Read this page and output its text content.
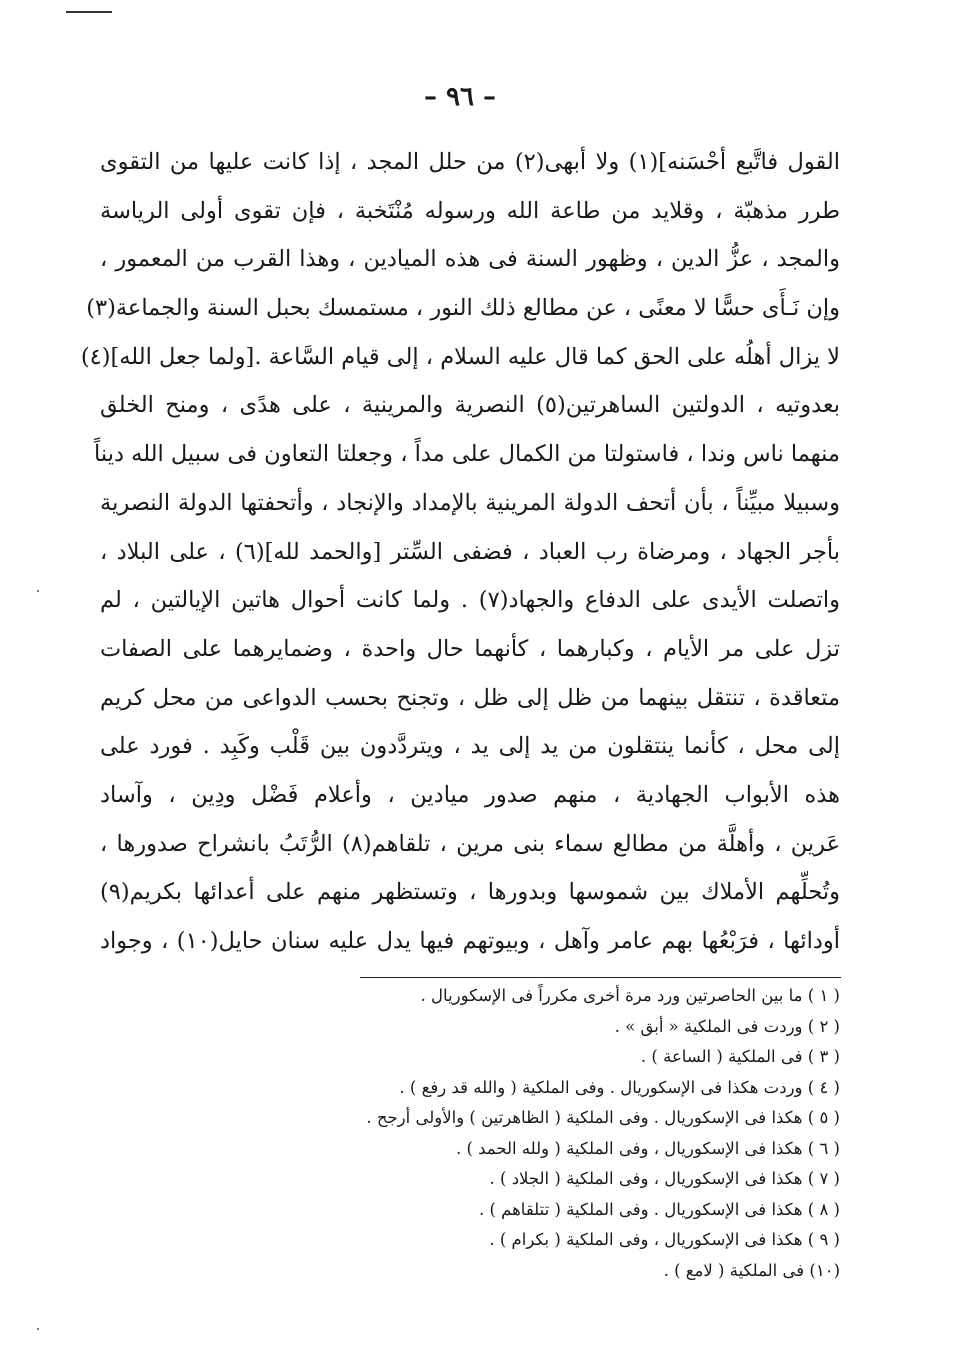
– ٩٦ –
القول فاتَّبع أحْسَنه](١) ولا أبهى(٢) من حلل المجد ، إذا كانت عليها من التقوى
طرر مذهبّة ، وقلايد من طاعة الله ورسوله مُنْتَخبة ، فإن تقوى أولى الرياسة
والمجد ، عزُّ الدين ، وظهور السنة فى هذه الميادين ، وهذا القرب من المعمور ،
وإن نَـأَى حسًّا لا معنًى ، عن مطالع ذلك النور ، مستمسك بحبل السنة والجماعة(٣)
لا يزال أهلُه على الحق كما قال عليه السلام ، إلى قيام السَّاعة .[ولما جعل الله](٤)
بعدوتيه ، الدولتين الساهرتين(٥) النصرية والمرينية ، على هدًى ، ومنح الخلق
منهما ناس وندا ، فاستولتا من الكمال على مداً ، وجعلتا التعاون فى سبيل الله ديناً
وسبيلا مبيِّناً ، بأن أتحف الدولة المرينية بالإمداد والإنجاد ، وأتحفتها الدولة النصرية
بأجر الجهاد ، ومرضاة رب العباد ، فضفى السِّتر [والحمد لله](٦) ، على البلاد ،
واتصلت الأيدى على الدفاع والجهاد(٧) . ولما كانت أحوال هاتين الإيالتين ، لم
تزل على مر الأيام ، وكبارهما ، كأنهما حال واحدة ، وضمايرهما على الصفات
متعاقدة ، تنتقل بينهما من ظل إلى ظل ، وتجنح بحسب الدواعى من محل كريم
إلى محل ، كأنما ينتقلون من يد إلى يد ، ويتردَّدون بين قَلْب وكَبِد . فورد على
هذه الأبواب الجهادية ، منهم صدور ميادين ، وأعلام فَضْل ودِين ، وآساد
عَرين ، وأهلَّة من مطالع سماء بنى مرين ، تلقاهم(٨) الرُّتَبُ بانشراح صدورها ،
وتُحلِّهم الأملاك بين شموسها وبدورها ، وتستظهر منهم على أعدائها بكريم(٩)
أودائها ، فرَبْعُها بهم عامر وآهل ، وبيوتهم فيها يدل عليه سنان حايل(١٠) ، وجواد
( ١ ) ما بين الحاصرتين ورد مرة أخرى مكرراً فى الإسكوريال .
( ٢ ) وردت فى الملكية « أبق » .
( ٣ ) فى الملكية ( الساعة ) .
( ٤ ) وردت هكذا فى الإسكوريال . وفى الملكية ( والله قد رفع ) .
( ٥ ) هكذا فى الإسكوريال . وفى الملكية ( الظاهرتين ) والأولى أرجح .
( ٦ ) هكذا فى الإسكوريال ، وفى الملكية ( ولله الحمد ) .
( ٧ ) هكذا فى الإسكوريال ، وفى الملكية ( الجلاد ) .
( ٨ ) هكذا فى الإسكوريال . وفى الملكية ( تتلقاهم ) .
( ٩ ) هكذا فى الإسكوريال ، وفى الملكية ( بكرام ) .
(١٠) فى الملكية ( لامع ) .
